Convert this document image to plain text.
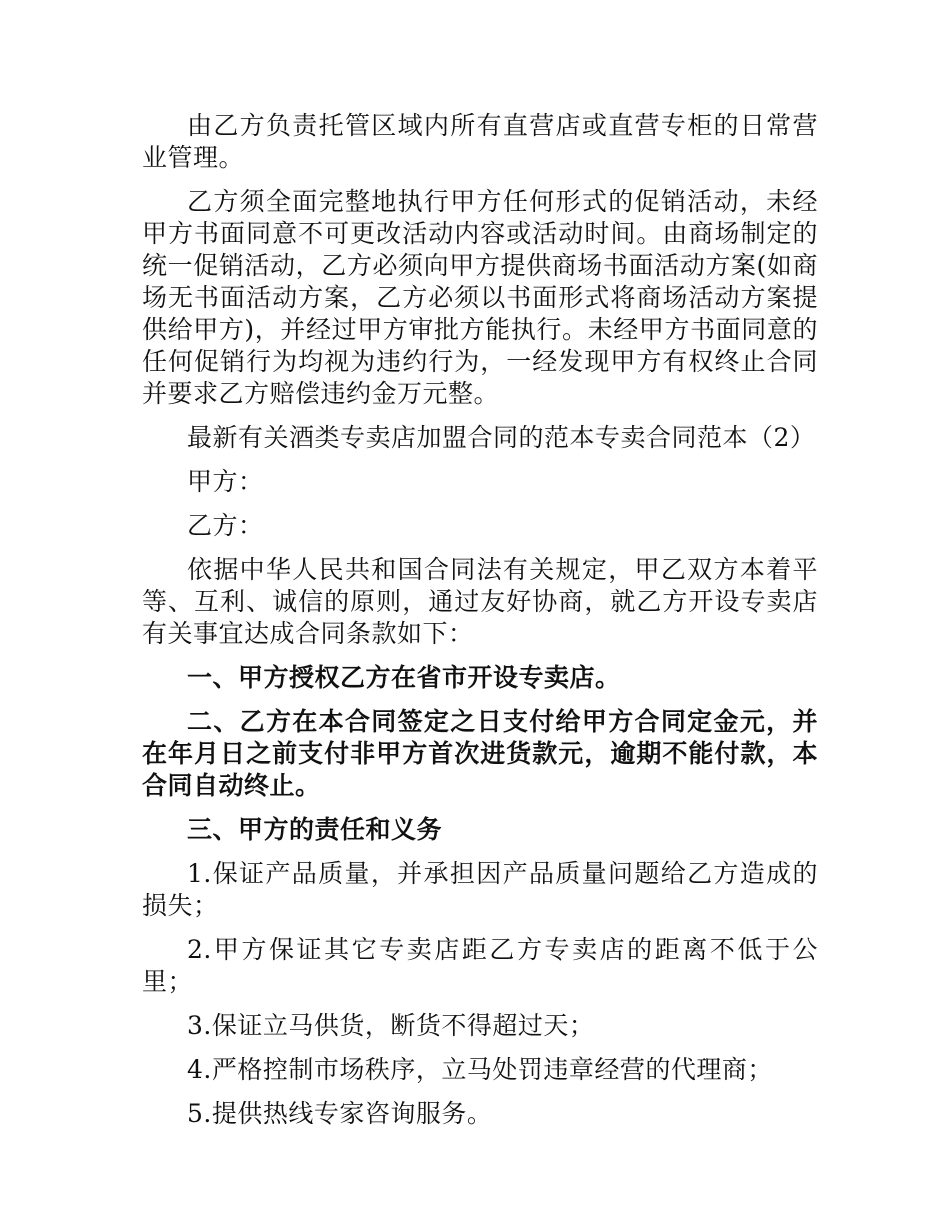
由乙方负责托管区域内所有直营店或直营专柜的日常营业管理。

乙方须全面完整地执行甲方任何形式的促销活动，未经甲方书面同意不可更改活动内容或活动时间。由商场制定的统一促销活动，乙方必须向甲方提供商场书面活动方案(如商场无书面活动方案，乙方必须以书面形式将商场活动方案提供给甲方)，并经过甲方审批方能执行。未经甲方书面同意的任何促销行为均视为违约行为，一经发现甲方有权终止合同并要求乙方赔偿违约金万元整。

最新有关酒类专卖店加盟合同的范本专卖合同范本（2）

甲方：

乙方：

依据中华人民共和国合同法有关规定，甲乙双方本着平等、互利、诚信的原则，通过友好协商，就乙方开设专卖店有关事宜达成合同条款如下：

一、甲方授权乙方在省市开设专卖店。

二、乙方在本合同签定之日支付给甲方合同定金元，并在年月日之前支付非甲方首次进货款元，逾期不能付款，本合同自动终止。

三、甲方的责任和义务

1.保证产品质量，并承担因产品质量问题给乙方造成的损失；

2.甲方保证其它专卖店距乙方专卖店的距离不低于公里；

3.保证立马供货，断货不得超过天；

4.严格控制市场秩序，立马处罚违章经营的代理商；

5.提供热线专家咨询服务。
